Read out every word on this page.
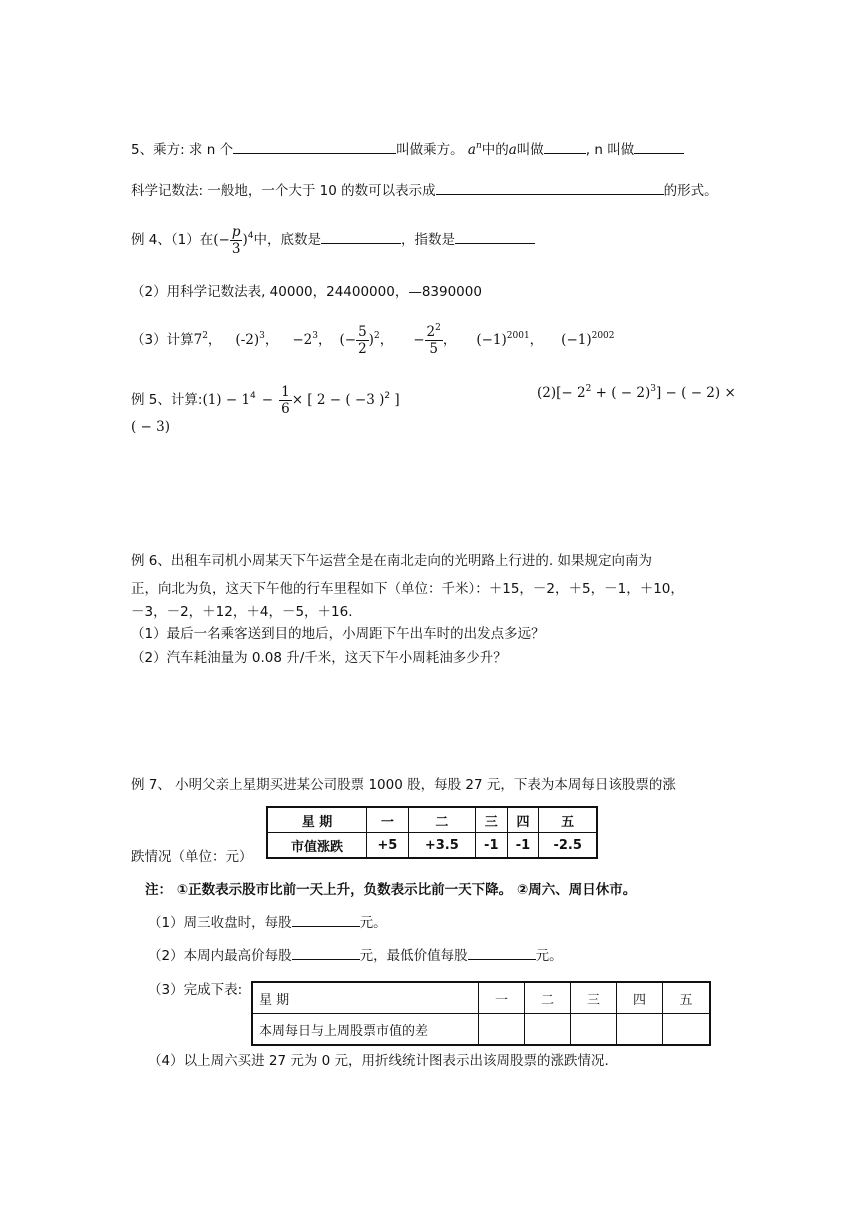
5、乘方: 求 n 个	叫做乘方。 $a^n$中的a叫做	, n 叫做
科学记数法: 一般地，一个大于 10 的数可以表示成	的形式。
例 4、（1）在(− $\frac{p}{3} )^4$中，底数是	，指数是
（2）用科学记数法表, 40000，24400000，—8390000
（3）计算$7^2$， $(-2)^3$， $-2^3$， (− $\frac{5}{2} )^2$， − $\frac{2^2}{5}$ ， $(-1)^{2001}$， $(-1)^{2002}$
例 5、计算:(1) − $1^4 - \frac{1}{6}$ × [ 2 − ( −3 )$^2$ ]	$(2)[- 2^2$ + ( − 2)$^3$] − ( − 2) ×
( − 3)
例 6、出租车司机小周某天下午运营全是在南北走向的光明路上行进的. 如果规定向南为
正，向北为负，这天下午他的行车里程如下（单位：千米）：＋15，－2，＋5，－1，＋10，
－3，－2，＋12，＋4，－5，＋16.
（1）最后一名乘客送到目的地后，小周距下午出车时的出发点多远？
（2）汽车耗油量为 0.08 升/千米，这天下午小周耗油多少升？
例 7、 小明父亲上星期买进某公司股票 1000 股，每股 27 元，下表为本周每日该股票的涨
星 期	一	二	三	四	五
市值涨跌	+5	+3.5	-1	-1	-2.5
跌情况（单位：元）
注： ①正数表示股市比前一天上升，负数表示比前一天下降。 ②周六、周日休市。
（1）周三收盘时，每股	元。
（2）本周内最高价每股	元，最低价值每股	元。
（3）完成下表:
星 期	一	二	三	四	五
本周每日与上周股票市值的差					
（4）以上周六买进 27 元为 0 元，用折线统计图表示出该周股票的涨跌情况.
